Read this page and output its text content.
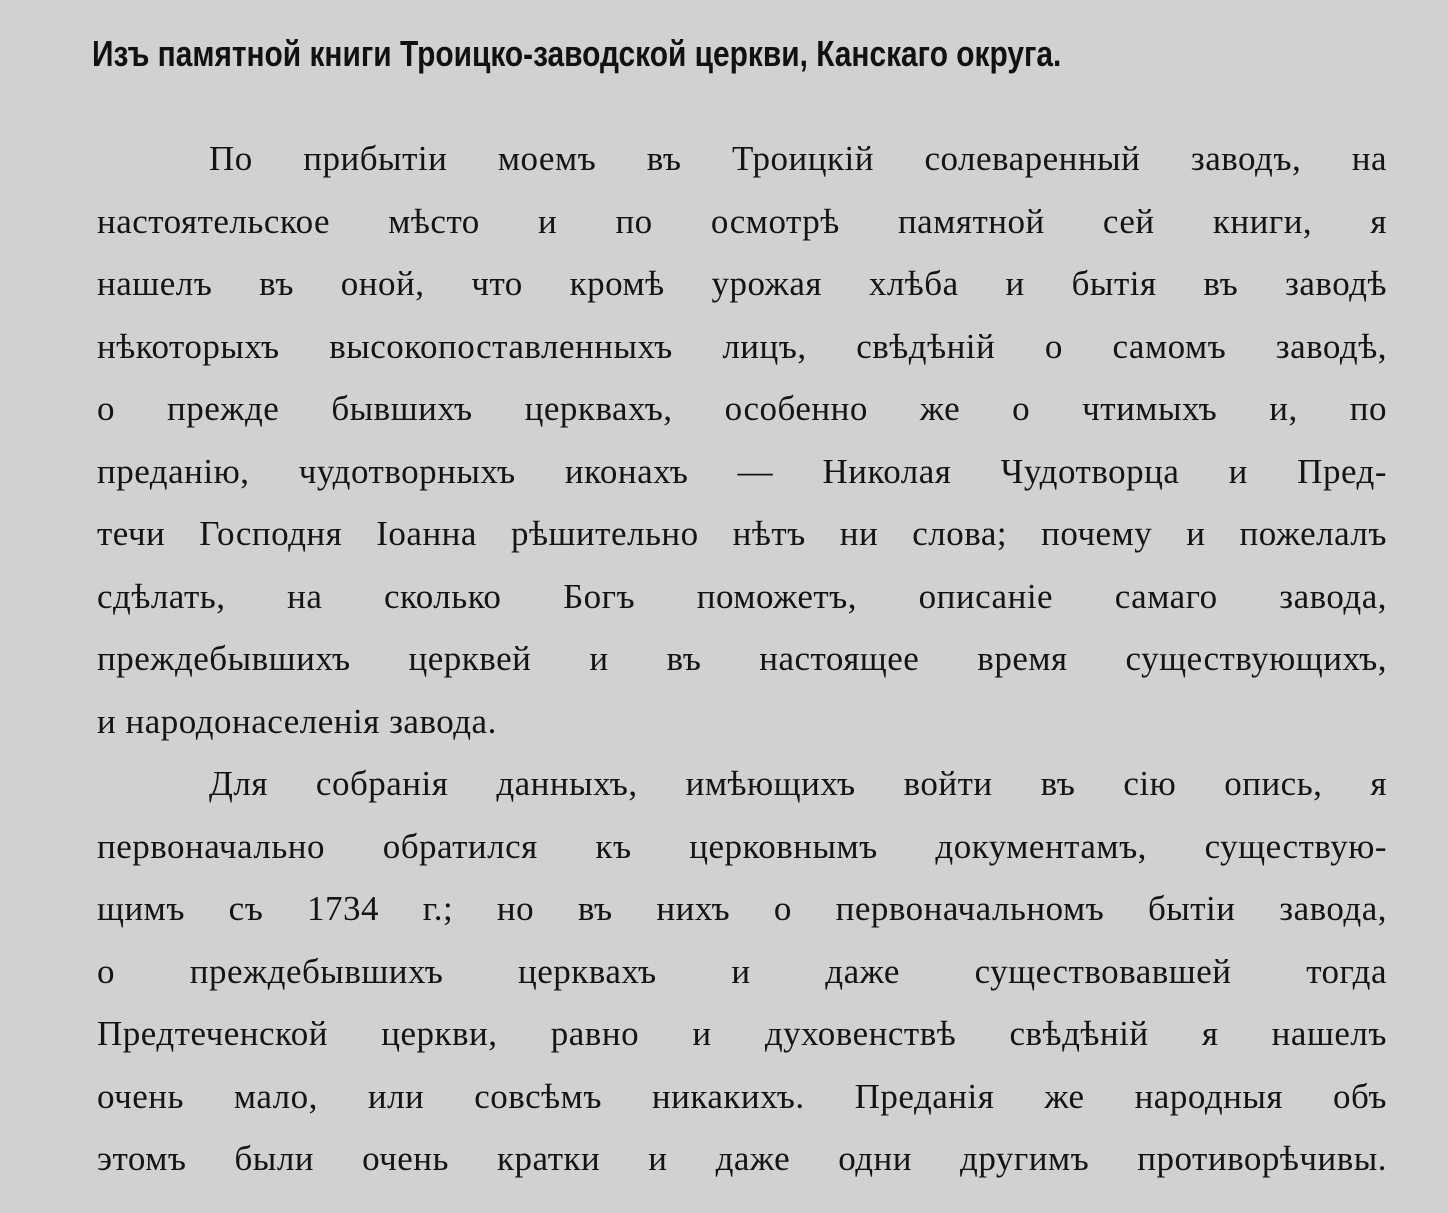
Изъ памятной книги Троицко-заводской церкви, Канскаго округа.
По прибытіи моемъ въ Троицкій солеваренный заводъ, на
настоятельское мѣсто и по осмотрѣ памятной сей книги, я
нашелъ въ оной, что кромѣ урожая хлѣба и бытія въ заводѣ
нѣкоторыхъ высокопоставленныхъ лицъ, свѣдѣній о самомъ заводѣ,
о прежде бывшихъ церквахъ, особенно же о чтимыхъ и, по
преданію, чудотворныхъ иконахъ — Николая Чудотворца и Пред-
течи Господня Іоанна рѣшительно нѣтъ ни слова; почему и пожелалъ
сдѣлать, на сколько Богъ поможетъ, описаніе самаго завода,
преждебывшихъ церквей и въ настоящее время существующихъ,
и народонаселенія завода.
Для собранія данныхъ, имѣющихъ войти въ сію опись, я
первоначально обратился къ церковнымъ документамъ, существую-
щимъ съ 1734 г.; но въ нихъ о первоначальномъ бытіи завода,
о преждебывшихъ церквахъ и даже существовавшей тогда
Предтеченской церкви, равно и духовенствѣ свѣдѣній я нашелъ
очень мало, или совсѣмъ никакихъ. Преданія же народныя объ
этомъ были очень кратки и даже одни другимъ противорѣчивы.
